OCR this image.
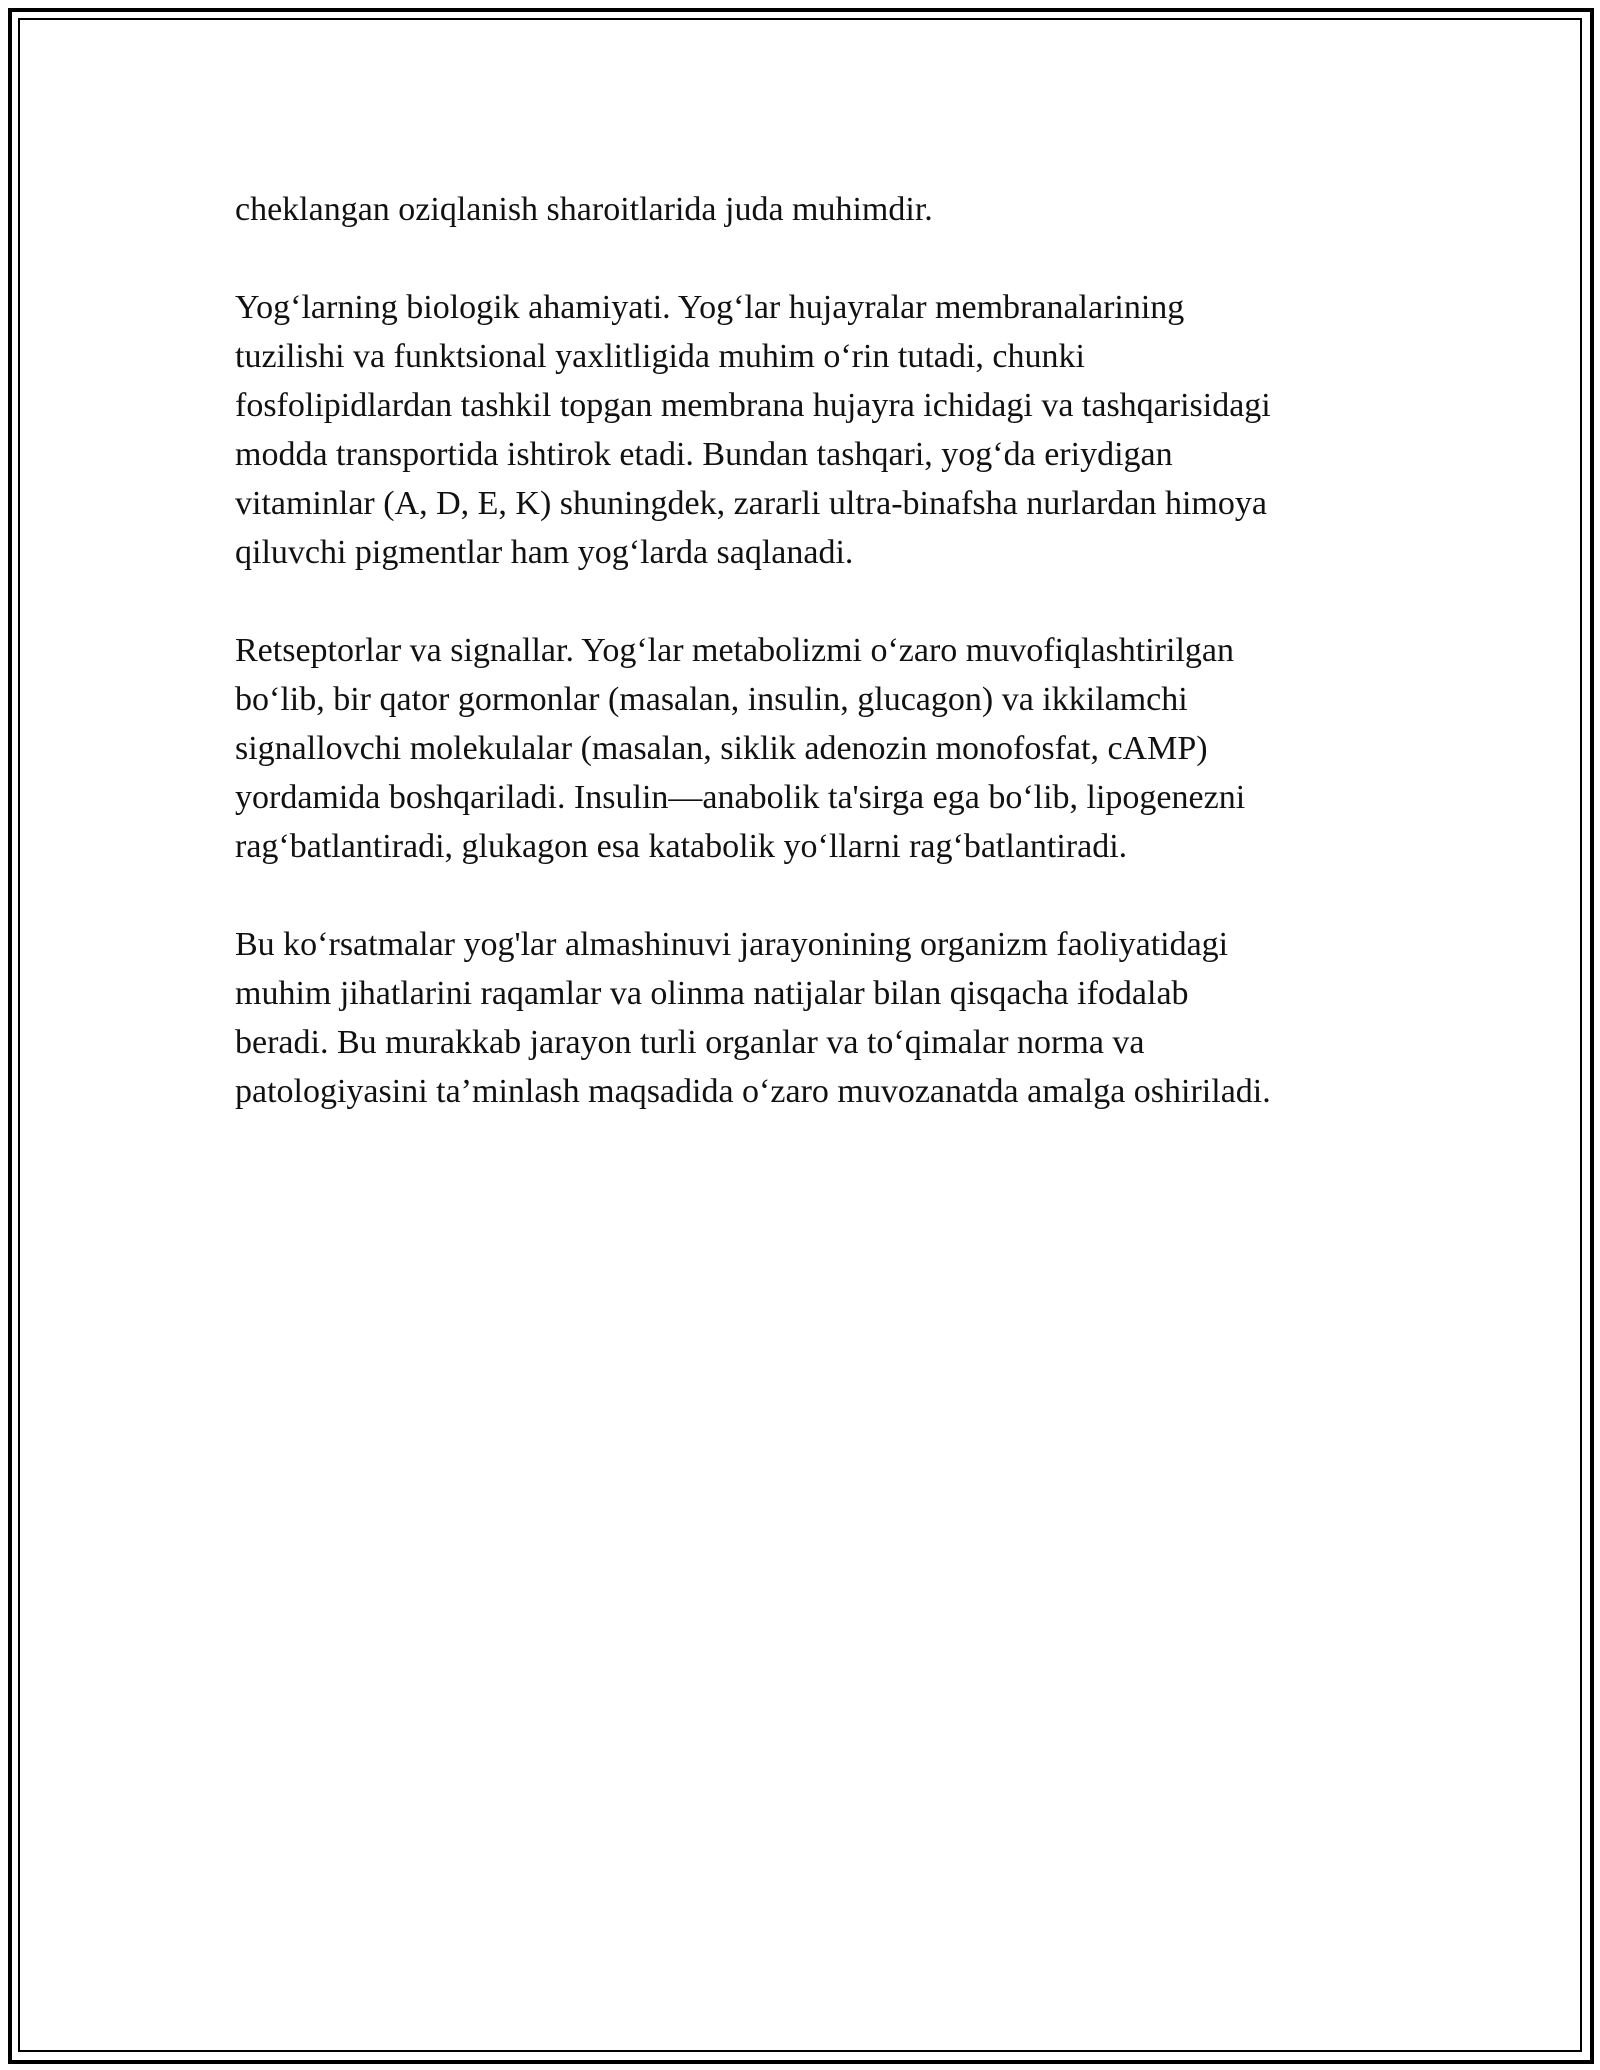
cheklangan oziqlanish sharoitlarida juda muhimdir.

Yog‘larning biologik ahamiyati. Yog‘lar hujayralar membranalarining
tuzilishi va funktsional yaxlitligida muhim o‘rin tutadi, chunki
fosfolipidlardan tashkil topgan membrana hujayra ichidagi va tashqarisidagi
modda transportida ishtirok etadi. Bundan tashqari, yog‘da eriydigan
vitaminlar (A, D, E, K) shuningdek, zararli ultra-binafsha nurlardan himoya
qiluvchi pigmentlar ham yog‘larda saqlanadi.

Retseptorlar va signallar. Yog‘lar metabolizmi o‘zaro muvofiqlashtirilgan
bo‘lib, bir qator gormonlar (masalan, insulin, glucagon) va ikkilamchi
signallovchi molekulalar (masalan, siklik adenozin monofosfat, cAMP)
yordamida boshqariladi. Insulin—anabolik ta'sirga ega bo‘lib, lipogenezni
rag‘batlantiradi, glukagon esa katabolik yo‘llarni rag‘batlantiradi.

Bu ko‘rsatmalar yog'lar almashinuvi jarayonining organizm faoliyatidagi
muhim jihatlarini raqamlar va olinma natijalar bilan qisqacha ifodalab
beradi. Bu murakkab jarayon turli organlar va to‘qimalar norma va
patologiyasini ta’minlash maqsadida o‘zaro muvozanatda amalga oshiriladi.
